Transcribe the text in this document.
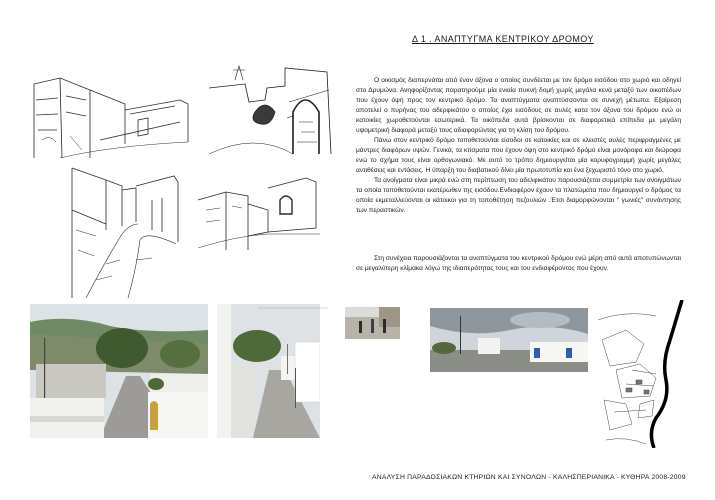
Δ 1 . ΑΝΑΠΤΥΓΜΑ ΚΕΝΤΡΙΚΟΥ ΔΡΟΜΟΥ

Ο οικισμός διαπερνάται από έναν άξονα ο οποίος συνδέεται με τον δρόμο εισόδου στο χωριό και οδηγεί στο Δρυμώνα. Ανηφορίζοντας παρατηρούμε μία ενιαία πυκνή δομή χωρίς μεγάλα κενά μεταξύ των οικοπέδων που έχουν όψη προς τον κεντρικό δρόμο. Τα αναπτύγματα αναπτύσσονται σε συνεχή μέτωπα. Εξαίρεση αποτελεί ο πυρήνας του αδερφικάτου ο οποίος έχει εισόδους σε αυλές κατα τον άξονα του δρόμου ενώ οι κατοικίες χωροθετούνται εσωτερικά. Τα οικόπεδα αυτά βρίσκονται σε διαφορετικά επίπεδα με μεγάλη υψομετρική διαφορά μεταξύ τους αδιαφορώντας για τη κλίση του δρόμου.

Πάνω στον κεντρικό δρόμο τοποθετούνται είσοδοι σε κατοικίες και σε κλειστές αυλές περιφραγμένες με μάντρες διαφόρων υψών. Γενικά, τα κτίσματα που έχουν όψη στο κεντρικό δρόμο είναι μονόροφα και διώροφα ενώ το σχήμα τους είναι ορθογωνιακό. Με αυτό το τρόπο δημιουργείται μία κορυφογραμμή χωρίς μεγάλες αντιθέσεις και εντάσεις. Η ύπαρξη του διαβατικού δίνει μία πρωτοτυπία και ένα ξεχωριστό τόνο στο χωριό.

Τα ανοίγματα είναι μικρά ενώ στη περίπτωση του αδελφικάτου παρουσιάζεται συμμετρία των ανοιγμάτων τα οποία τοποθετούνται εκατέρωθεν της εισόδου.Ενδιαφέρον έχουν τα πλατώματα που δημιουργεί ο δρόμος τα οποία εκμεταλλεύονται οι κάτοικοι για τη τοποθέτηση πεζουλιών .Έτσι διαμορφώνονται " γωνιές" συνάντησης των περαστικών.

Στη συνέχεια παρουσιάζονται τα αναπτύγματα του κεντρικού δρόμου ενώ μέρη από αυτά αποτυπώνωνται σε μεγαλύτερη κλίμακα λόγω της ιδιαιτερότητας τους και του ενδιαφέροντος που έχουν.

ΑΝΑΛΥΣΗ ΠΑΡΑΔΟΣΙΑΚΩΝ ΚΤΗΡΙΩΝ ΚΑΙ ΣΥΝΟΛΩΝ - ΚΑΛΗΣΠΕΡΙΑΝΙΚΑ - ΚΥΘΗΡΑ 2008-2009
